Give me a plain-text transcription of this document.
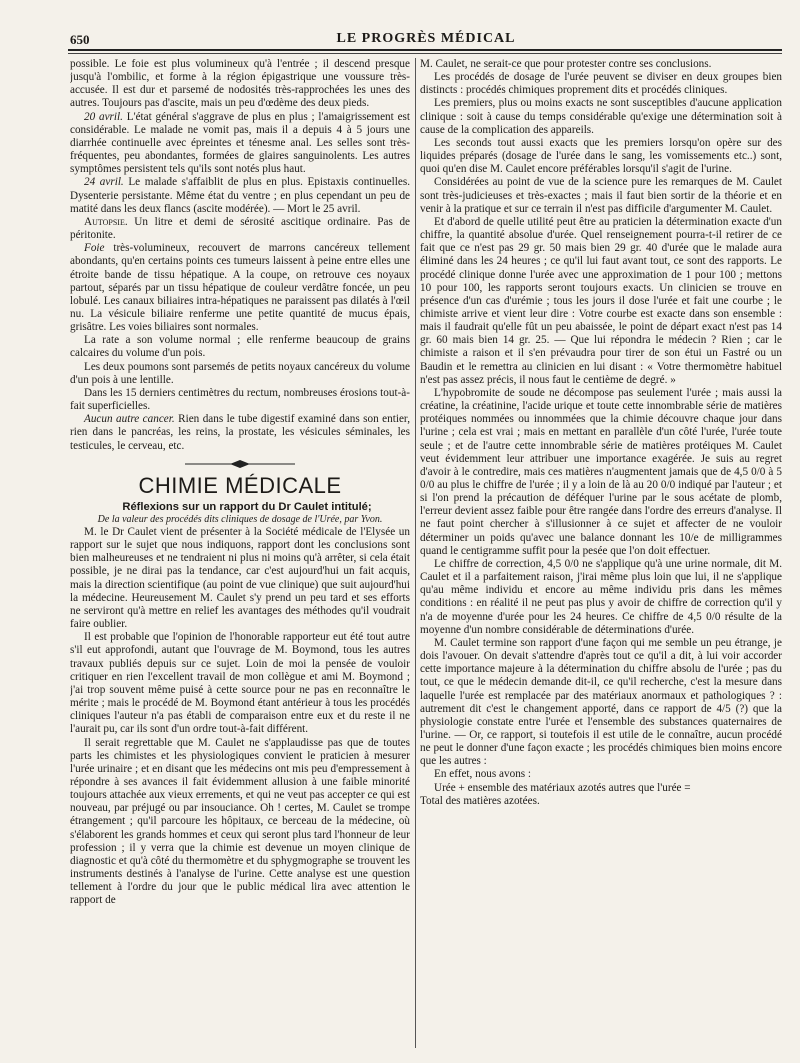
650	LE PROGRÈS MÉDICAL

possible. Le foie est plus volumineux qu'à l'entrée ; il descend presque jusqu'à l'ombilic, et forme à la région épigastrique une voussure très-accusée. Il est dur et parsemé de nodosités très-rapprochées les unes des autres. Toujours pas d'ascite, mais un peu d'œdème des deux pieds.

20 avril. L'état général s'aggrave de plus en plus ; l'amaigrissement est considérable. Le malade ne vomit pas, mais il a depuis 4 à 5 jours une diarrhée continuelle avec épreintes et ténesme anal. Les selles sont très-fréquentes, peu abondantes, formées de glaires sanguinolents. Les autres symptômes persistent tels qu'ils sont notés plus haut.

24 avril. Le malade s'affaiblit de plus en plus. Epistaxis continuelles. Dysenterie persistante. Même état du ventre ; en plus cependant un peu de matité dans les deux flancs (ascite modérée). — Mort le 25 avril.

Autopsie. Un litre et demi de sérosité ascitique ordinaire. Pas de péritonite.

Foie très-volumineux, recouvert de marrons cancéreux tellement abondants, qu'en certains points ces tumeurs laissent à peine entre elles une étroite bande de tissu hépatique. A la coupe, on retrouve ces noyaux partout, séparés par un tissu hépatique de couleur verdâtre foncée, un peu lobulé. Les canaux biliaires intra-hépatiques ne paraissent pas dilatés à l'œil nu. La vésicule biliaire renferme une petite quantité de mucus épais, grisâtre. Les voies biliaires sont normales.

La rate a son volume normal ; elle renferme beaucoup de grains calcaires du volume d'un pois.

Les deux poumons sont parsemés de petits noyaux cancéreux du volume d'un pois à une lentille.

Dans les 15 derniers centimètres du rectum, nombreuses érosions tout-à-fait superficielles.

Aucun autre cancer. Rien dans le tube digestif examiné dans son entier, rien dans le pancréas, les reins, la prostate, les vésicules séminales, les testicules, le cerveau, etc.

CHIMIE MÉDICALE

Réflexions sur un rapport du Dr Caulet intitulé;

De la valeur des procédés dits cliniques de dosage de l'Urée, par Yvon.

M. le Dr Caulet vient de présenter à la Société médicale de l'Elysée un rapport sur le sujet que nous indiquons, rapport dont les conclusions sont bien malheureuses et ne tendraient ni plus ni moins qu'à arrêter, si cela était possible, je ne dirai pas la tendance, car c'est aujourd'hui un fait acquis, mais la direction scientifique (au point de vue clinique) que suit aujourd'hui la médecine. Heureusement M. Caulet s'y prend un peu tard et ses efforts ne serviront qu'à mettre en relief les avantages des méthodes qu'il voudrait faire oublier.

Il est probable que l'opinion de l'honorable rapporteur eut été tout autre s'il eut approfondi, autant que l'ouvrage de M. Boymond, tous les autres travaux publiés depuis sur ce sujet. Loin de moi la pensée de vouloir critiquer en rien l'excellent travail de mon collègue et ami M. Boymond ; j'ai trop souvent même puisé à cette source pour ne pas en reconnaître le mérite ; mais le procédé de M. Boymond étant antérieur à tous les procédés cliniques l'auteur n'a pas établi de comparaison entre eux et du reste il ne l'aurait pu, car ils sont d'un ordre tout-à-fait différent.

Il serait regrettable que M. Caulet ne s'applaudisse pas que de toutes parts les chimistes et les physiologiques convient le praticien à mesurer l'urée urinaire ; et en disant que les médecins ont mis peu d'empressement à répondre à ses avances il fait évidemment allusion à une faible minorité toujours attachée aux vieux errements, et qui ne veut pas accepter ce qui est nouveau, par préjugé ou par insouciance. Oh ! certes, M. Caulet se trompe étrangement ; qu'il parcoure les hôpitaux, ce berceau de la médecine, où s'élaborent les grands hommes et ceux qui seront plus tard l'honneur de leur profession ; il y verra que la chimie est devenue un moyen clinique de diagnostic et qu'à côté du thermomètre et du sphygmographe se trouvent les instruments destinés à l'analyse de l'urine. Cette analyse est une question tellement à l'ordre du jour que le public médical lira avec attention le rapport de

M. Caulet, ne serait-ce que pour protester contre ses conclusions.

Les procédés de dosage de l'urée peuvent se diviser en deux groupes bien distincts : procédés chimiques proprement dits et procédés cliniques.

Les premiers, plus ou moins exacts ne sont susceptibles d'aucune application clinique : soit à cause du temps considérable qu'exige une détermination soit à cause de la complication des appareils.

Les seconds tout aussi exacts que les premiers lorsqu'on opère sur des liquides préparés (dosage de l'urée dans le sang, les vomissements etc..) sont, quoi qu'en dise M. Caulet encore préférables lorsqu'il s'agit de l'urine.

Considérées au point de vue de la science pure les remarques de M. Caulet sont très-judicieuses et très-exactes ; mais il faut bien sortir de la théorie et en venir à la pratique et sur ce terrain il n'est pas difficile d'argumenter M. Caulet.

Et d'abord de quelle utilité peut être au praticien la détermination exacte d'un chiffre, la quantité absolue d'urée. Quel renseignement pourra-t-il retirer de ce fait que ce n'est pas 29 gr. 50 mais bien 29 gr. 40 d'urée que le malade aura éliminé dans les 24 heures ; ce qu'il lui faut avant tout, ce sont des rapports. Le procédé clinique donne l'urée avec une approximation de 1 pour 100 ; mettons 10 pour 100, les rapports seront toujours exacts. Un clinicien se trouve en présence d'un cas d'urémie ; tous les jours il dose l'urée et fait une courbe ; le chimiste arrive et vient leur dire : Votre courbe est exacte dans son ensemble : mais il faudrait qu'elle fût un peu abaissée, le point de départ exact n'est pas 14 gr. 60 mais bien 14 gr. 25. — Que lui répondra le médecin ? Rien ; car le chimiste a raison et il s'en prévaudra pour tirer de son étui un Fastré ou un Baudin et le remettra au clinicien en lui disant : « Votre thermomètre habituel n'est pas assez précis, il nous faut le centième de degré. »

L'hypobromite de soude ne décompose pas seulement l'urée ; mais aussi la créatine, la créatinine, l'acide urique et toute cette innombrable série de matières protéiques nommées ou innommées que la chimie découvre chaque jour dans l'urine ; cela est vrai ; mais en mettant en parallèle d'un côté l'urée, l'urée toute seule ; et de l'autre cette innombrable série de matières protéiques M. Caulet veut évidemment leur attribuer une importance exagérée. Je suis au regret d'avoir à le contredire, mais ces matières n'augmentent jamais que de 4,5 0/0 à 5 0/0 au plus le chiffre de l'urée ; il y a loin de là au 20 0/0 indiqué par l'auteur ; et si l'on prend la précaution de déféquer l'urine par le sous acétate de plomb, l'erreur devient assez faible pour être rangée dans l'ordre des erreurs d'analyse. Il ne faut point chercher à s'illusionner à ce sujet et affecter de ne vouloir déterminer un poids qu'avec une balance donnant les 10/e de milligrammes quand le centigramme suffit pour la pesée que l'on doit effectuer.

Le chiffre de correction, 4,5 0/0 ne s'applique qu'à une urine normale, dit M. Caulet et il a parfaitement raison, j'irai même plus loin que lui, il ne s'applique qu'au même individu et encore au même individu pris dans les mêmes conditions : en réalité il ne peut pas plus y avoir de chiffre de correction qu'il y n'a de moyenne d'urée pour les 24 heures. Ce chiffre de 4,5 0/0 résulte de la moyenne d'un nombre considérable de déterminations d'urée.

M. Caulet termine son rapport d'une façon qui me semble un peu étrange, je dois l'avouer. On devait s'attendre d'après tout ce qu'il a dit, à lui voir accorder cette importance majeure à la détermination du chiffre absolu de l'urée ; pas du tout, ce que le médecin demande dit-il, ce qu'il recherche, c'est la mesure dans laquelle l'urée est remplacée par des matériaux anormaux et pathologiques ? : autrement dit c'est le changement apporté, dans ce rapport de 4/5 (?) que la physiologie constate entre l'urée et l'ensemble des substances quaternaires de l'urine. — Or, ce rapport, si toutefois il est utile de le connaître, aucun procédé ne peut le donner d'une façon exacte ; les procédés chimiques bien moins encore que les autres :

En effet, nous avons :

Urée + ensemble des matériaux azotés autres que l'urée =

Total des matières azotées.
